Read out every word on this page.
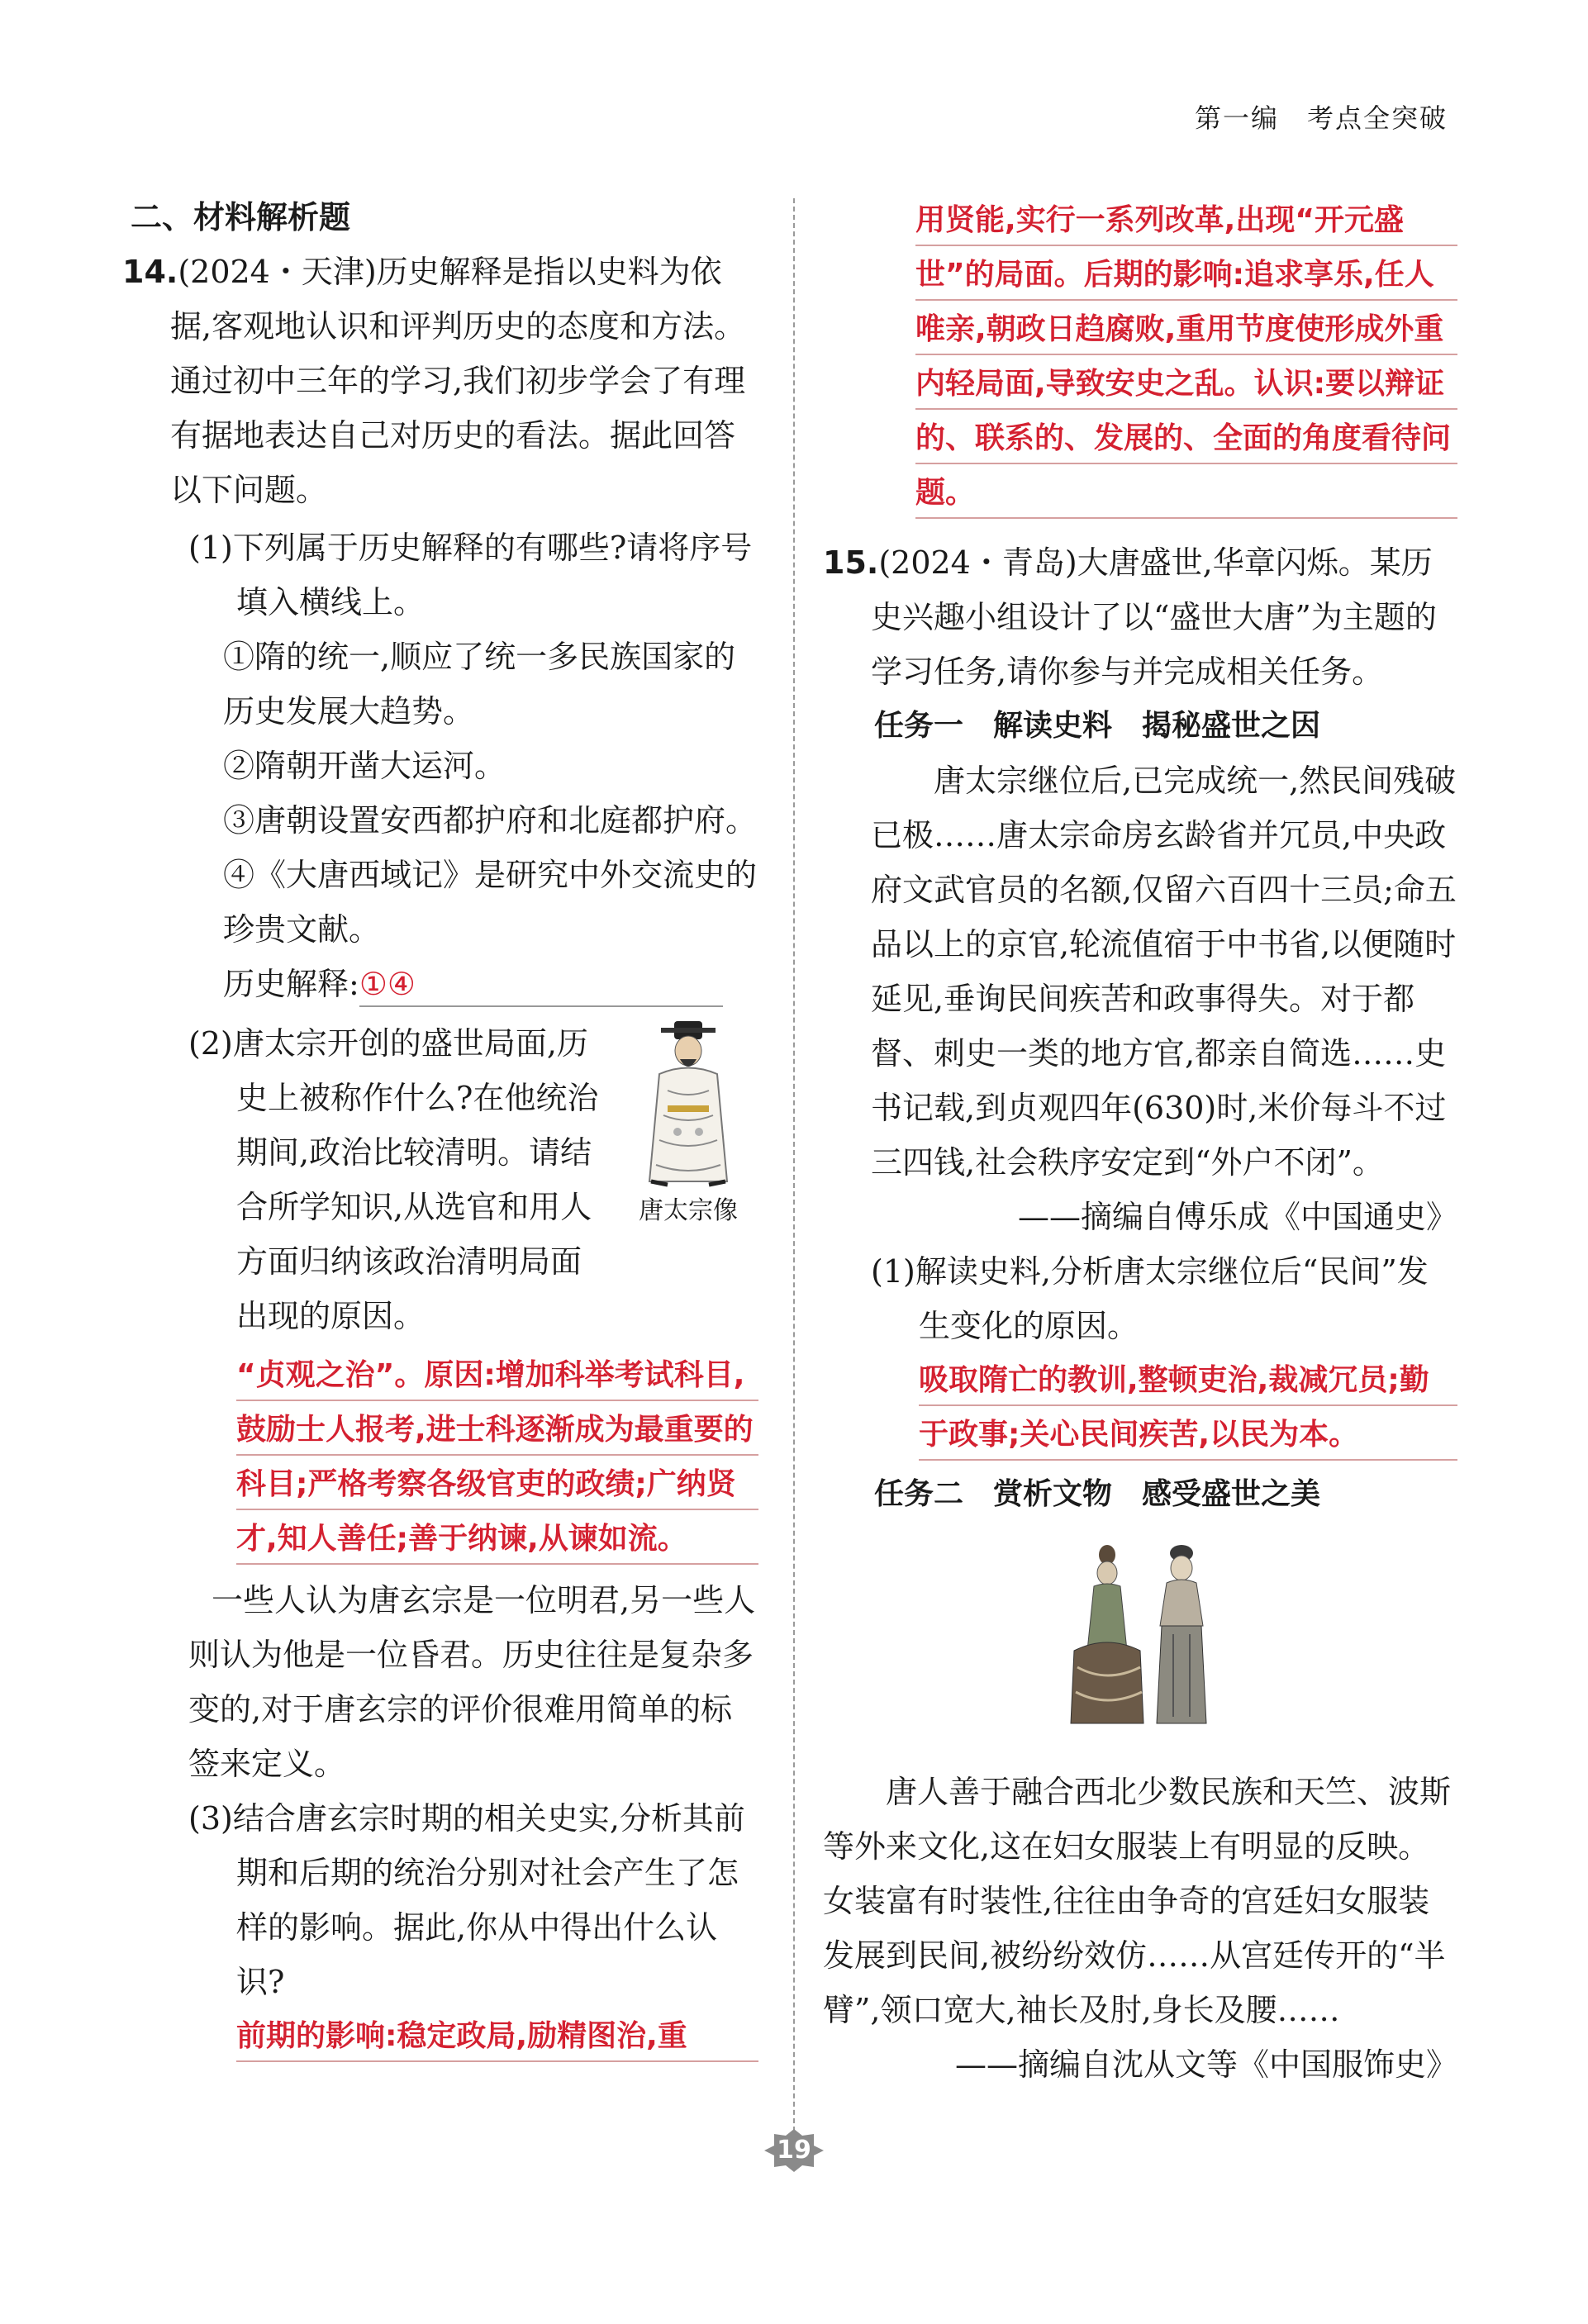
第一编　考点全突破

二、材料解析题

14.(2024・天津)历史解释是指以史料为依据,客观地认识和评判历史的态度和方法。通过初中三年的学习,我们初步学会了有理有据地表达自己对历史的看法。据此回答以下问题。

(1)下列属于历史解释的有哪些?请将序号填入横线上。

①隋的统一,顺应了统一多民族国家的历史发展大趋势。

②隋朝开凿大运河。

③唐朝设置安西都护府和北庭都护府。

④《大唐西域记》是研究中外交流史的珍贵文献。

历史解释:①④

唐太宗像

(2)唐太宗开创的盛世局面,历史上被称作什么?在他统治期间,政治比较清明。请结合所学知识,从选官和用人方面归纳该政治清明局面出现的原因。

“贞观之治”。原因:增加科举考试科目,鼓励士人报考,进士科逐渐成为最重要的科目;严格考察各级官吏的政绩;广纳贤才,知人善任;善于纳谏,从谏如流。

一些人认为唐玄宗是一位明君,另一些人则认为他是一位昏君。历史往往是复杂多变的,对于唐玄宗的评价很难用简单的标签来定义。

(3)结合唐玄宗时期的相关史实,分析其前期和后期的统治分别对社会产生了怎样的影响。据此,你从中得出什么认识?

前期的影响:稳定政局,励精图治,重
用贤能,实行一系列改革,出现“开元盛世”的局面。后期的影响:追求享乐,任人唯亲,朝政日趋腐败,重用节度使形成外重内轻局面,导致安史之乱。认识:要以辩证的、联系的、发展的、全面的角度看待问题。

15.(2024・青岛)大唐盛世,华章闪烁。某历史兴趣小组设计了以“盛世大唐”为主题的学习任务,请你参与并完成相关任务。

任务一　解读史料　揭秘盛世之因

唐太宗继位后,已完成统一,然民间残破已极……唐太宗命房玄龄省并冗员,中央政府文武官员的名额,仅留六百四十三员;命五品以上的京官,轮流值宿于中书省,以便随时延见,垂询民间疾苦和政事得失。对于都督、刺史一类的地方官,都亲自简选……史书记载,到贞观四年(630)时,米价每斗不过三四钱,社会秩序安定到“外户不闭”。

——摘编自傅乐成《中国通史》

(1)解读史料,分析唐太宗继位后“民间”发生变化的原因。

吸取隋亡的教训,整顿吏治,裁减冗员;勤于政事;关心民间疾苦,以民为本。

任务二　赏析文物　感受盛世之美

唐人善于融合西北少数民族和天竺、波斯等外来文化,这在妇女服装上有明显的反映。女装富有时装性,往往由争奇的宫廷妇女服装发展到民间,被纷纷效仿……从宫廷传开的“半臂”,领口宽大,袖长及肘,身长及腰……

——摘编自沈从文等《中国服饰史》

19
